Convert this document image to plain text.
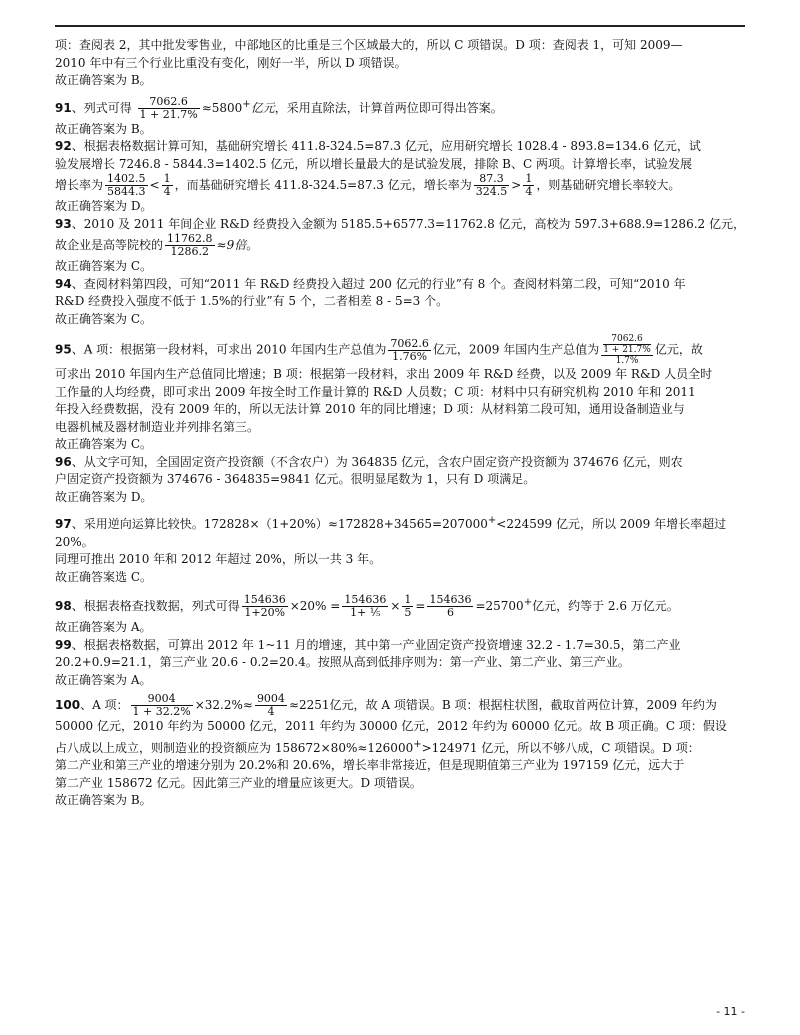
项：查阅表 2，其中批发零售业，中部地区的比重是三个区域最大的，所以 C 项错误。D 项：查阅表 1，可知 2009—

2010 年中有三个行业比重没有变化，刚好一半，所以 D 项错误。

故正确答案为 B。

91、列式可得 $\frac{7062.6}{1 + 21.7\%} \approx 5800^+$亿元，采用直除法，计算首两位即可得出答案。

故正确答案为 B。

92、根据表格数据计算可知，基础研究增长 411.8-324.5=87.3 亿元，应用研究增长 1028.4 - 893.8=134.6 亿元，试

验发展增长 7246.8 - 5844.3=1402.5 亿元，所以增长量最大的是试验发展，排除 B、C 两项。计算增长率，试验发展

增长率为 $\frac{1402.5}{5844.3} < \frac{1}{4}$ ，而基础研究增长 411.8-324.5=87.3 亿元，增长率为 $\frac{87.3}{324.5} > \frac{1}{4}$ ，则基础研究增长率较大。

故正确答案为 D。

93、2010 及 2011 年间企业 R&D 经费投入金额为 5185.5+6577.3=11762.8 亿元，高校为 597.3+688.9=1286.2 亿元，

故企业是高等院校的 $\frac{11762.8}{1286.2} \approx 9$倍。

故正确答案为 C。

94、查阅材料第四段，可知“2011 年 R&D 经费投入超过 200 亿元的行业”有 8 个。查阅材料第二段，可知“2010 年

R&D 经费投入强度不低于 1.5%的行业”有 5 个，二者相差 8 - 5=3 个。

故正确答案为 C。

95、A 项：根据第一段材料，可求出 2010 年国内生产总值为 $\frac{7062.6}{1.76\%}$ 亿元，2009 年国内生产总值为 7062.6
1 + 21.7%
1.7% 亿元，故

可求出 2010 年国内生产总值同比增速；B 项：根据第一段材料，求出 2009 年 R&D 经费，以及 2009 年 R&D 人员全时

工作量的人均经费，即可求出 2009 年按全时工作量计算的 R&D 人员数；C 项：材料中只有研究机构 2010 年和 2011

年投入经费数据，没有 2009 年的，所以无法计算 2010 年的同比增速；D 项：从材料第二段可知，通用设备制造业与

电器机械及器材制造业并列排名第三。

故正确答案为 C。

96、从文字可知，全国固定资产投资额（不含农户）为 364835 亿元，含农户固定资产投资额为 374676 亿元，则农

户固定资产投资额为 374676 - 364835=9841 亿元。很明显尾数为 1，只有 D 项满足。

故正确答案为 D。

97、采用逆向运算比较快。172828×（1+20%）≈172828+34565=207000+<224599 亿元，所以 2009 年增长率超过 20%。

同理可推出 2010 年和 2012 年超过 20%，所以一共 3 年。

故正确答案选 C。

98、根据表格查找数据，列式可得 $\frac{154636}{1+20\%} \times 20\% = \frac{154636}{\text{1+ ⅕}} \times \frac{1}{5} = \frac{154636}{6} =25700^+$亿元，约等于 2.6 万亿元。

故正确答案为 A。

99、根据表格数据，可算出 2012 年 1~11 月的增速，其中第一产业固定资产投资增速 32.2 - 1.7=30.5，第二产业

20.2+0.9=21.1，第三产业 20.6 - 0.2=20.4。按照从高到低排序则为：第一产业、第二产业、第三产业。

故正确答案为 A。

100、A 项： $\frac{9004}{1 + 32.2\%} \times 32.2\%\approx \frac{9004}{4} \approx 2251$亿元，故 A 项错误。B 项：根据柱状图，截取首两位计算，2009 年约为

50000 亿元，2010 年约为 50000 亿元，2011 年约为 30000 亿元，2012 年约为 60000 亿元。故 B 项正确。C 项：假设

占八成以上成立，则制造业的投资额应为 158672×80%≈126000+>124971 亿元，所以不够八成，C 项错误。D 项：

第二产业和第三产业的增速分别为 20.2%和 20.6%，增长率非常接近，但是现期值第三产业为 197159 亿元，远大于

第二产业 158672 亿元。因此第三产业的增量应该更大。D 项错误。

故正确答案为 B。

- 11 -
